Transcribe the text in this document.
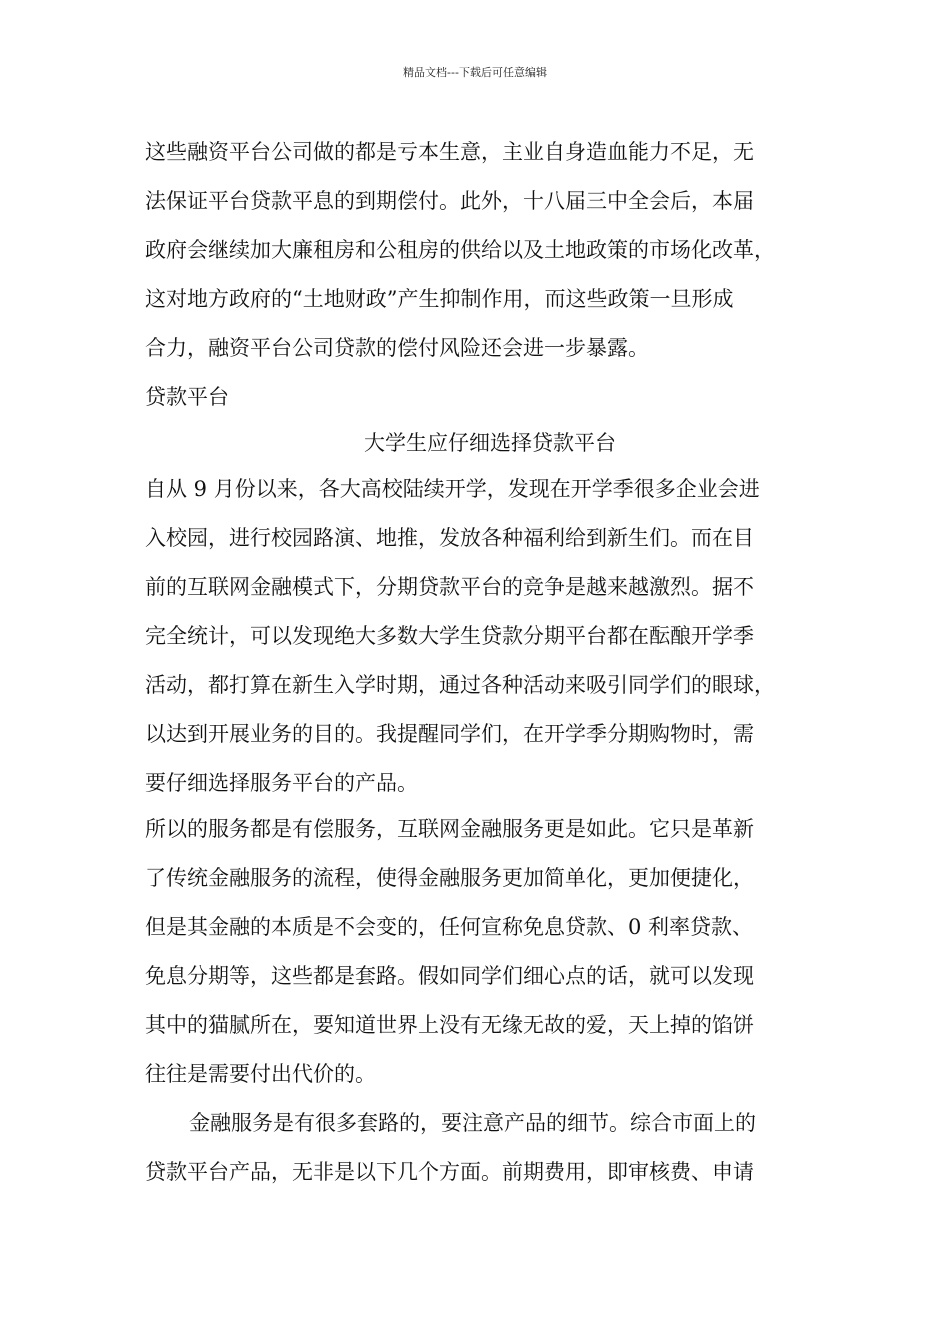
精品文档---下载后可任意编辑
这些融资平台公司做的都是亏本生意，主业自身造血能力不足，无
法保证平台贷款平息的到期偿付。此外，十八届三中全会后，本届
政府会继续加大廉租房和公租房的供给以及土地政策的市场化改革，
这对地方政府的“土地财政”产生抑制作用，而这些政策一旦形成
合力，融资平台公司贷款的偿付风险还会进一步暴露。
贷款平台
大学生应仔细选择贷款平台
自从 9 月份以来，各大高校陆续开学，发现在开学季很多企业会进
入校园，进行校园路演、地推，发放各种福利给到新生们。而在目
前的互联网金融模式下，分期贷款平台的竞争是越来越激烈。据不
完全统计，可以发现绝大多数大学生贷款分期平台都在酝酿开学季
活动，都打算在新生入学时期，通过各种活动来吸引同学们的眼球，
以达到开展业务的目的。我提醒同学们，在开学季分期购物时，需
要仔细选择服务平台的产品。
所以的服务都是有偿服务，互联网金融服务更是如此。它只是革新
了传统金融服务的流程，使得金融服务更加简单化，更加便捷化，
但是其金融的本质是不会变的，任何宣称免息贷款、0 利率贷款、
免息分期等，这些都是套路。假如同学们细心点的话，就可以发现
其中的猫腻所在，要知道世界上没有无缘无故的爱，天上掉的馅饼
往往是需要付出代价的。
金融服务是有很多套路的，要注意产品的细节。综合市面上的
贷款平台产品，无非是以下几个方面。前期费用，即审核费、申请
